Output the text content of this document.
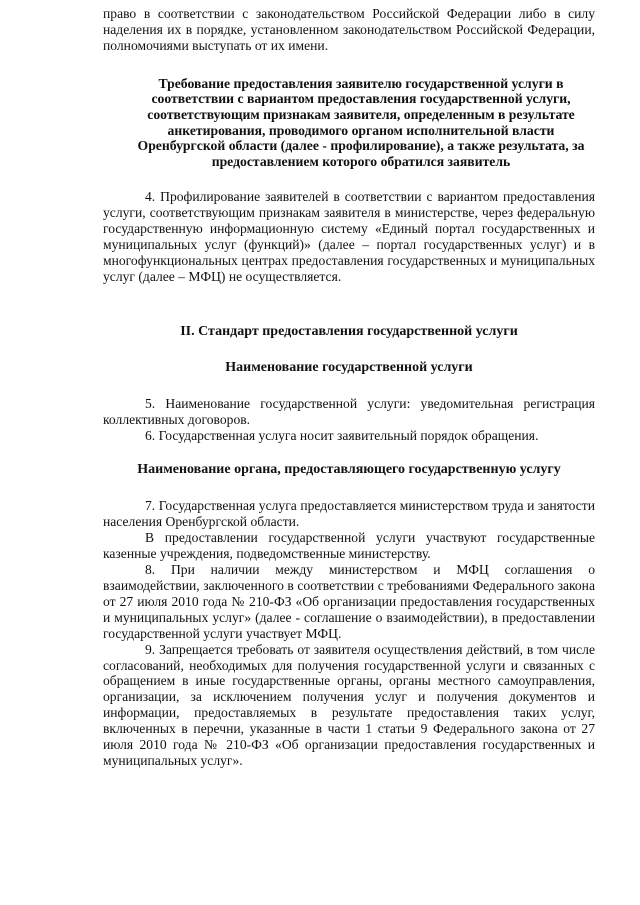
право в соответствии с законодательством Российской Федерации либо в силу наделения их в порядке, установленном законодательством Российской Федерации, полномочиями выступать от их имени.

Требование предоставления заявителю государственной услуги в соответствии с вариантом предоставления государственной услуги, соответствующим признакам заявителя, определенным в результате анкетирования, проводимого органом исполнительной власти Оренбургской области (далее - профилирование), а также результата, за предоставлением которого обратился заявитель

4. Профилирование заявителей в соответствии с вариантом предоставления услуги, соответствующим признакам заявителя в министерстве, через федеральную государственную информационную систему «Единый портал государственных и муниципальных услуг (функций)» (далее – портал государственных услуг) и в многофункциональных центрах предоставления государственных и муниципальных услуг (далее – МФЦ) не осуществляется.

II. Стандарт предоставления государственной услуги

Наименование государственной услуги

5. Наименование государственной услуги: уведомительная регистрация коллективных договоров.

6. Государственная услуга носит заявительный порядок обращения.

Наименование органа, предоставляющего государственную услугу

7. Государственная услуга предоставляется министерством труда и занятости населения Оренбургской области.

В предоставлении государственной услуги участвуют государственные казенные учреждения, подведомственные министерству.

8. При наличии между министерством и МФЦ соглашения о взаимодействии, заключенного в соответствии с требованиями Федерального закона от 27 июля 2010 года № 210-ФЗ «Об организации предоставления государственных и муниципальных услуг» (далее - соглашение о взаимодействии), в предоставлении государственной услуги участвует МФЦ.

9. Запрещается требовать от заявителя осуществления действий, в том числе согласований, необходимых для получения государственной услуги и связанных с обращением в иные государственные органы, органы местного самоуправления, организации, за исключением получения услуг и получения документов и информации, предоставляемых в результате предоставления таких услуг, включенных в перечни, указанные в части 1 статьи 9 Федерального закона от 27 июля 2010 года № 210-ФЗ «Об организации предоставления государственных и муниципальных услуг».
